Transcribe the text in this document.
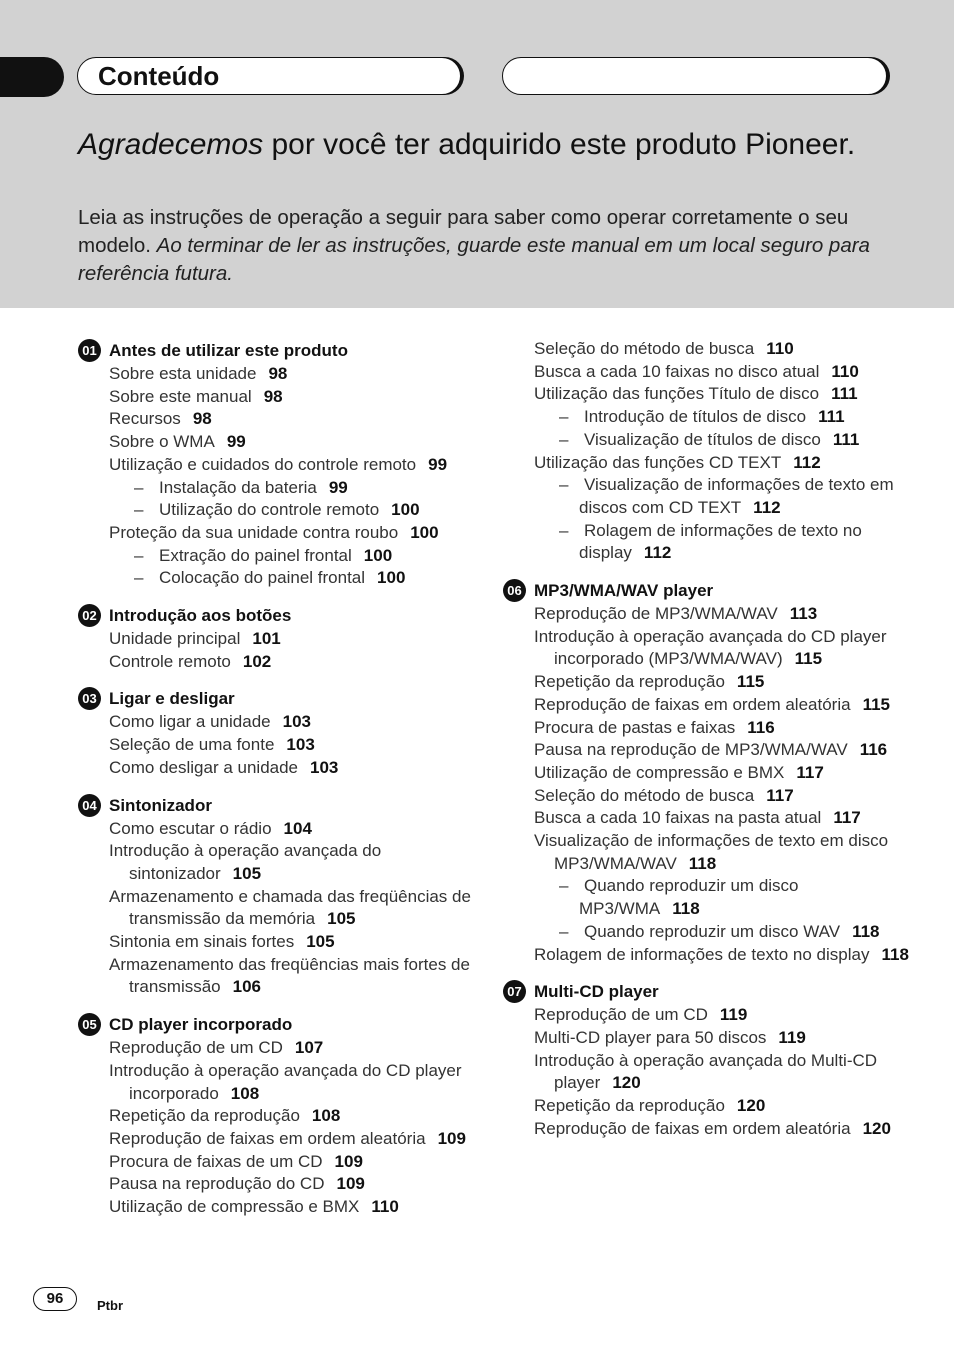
Conteúdo
Agradecemos por você ter adquirido este produto Pioneer.
Leia as instruções de operação a seguir para saber como operar corretamente o seu modelo. Ao terminar de ler as instruções, guarde este manual em um local seguro para referência futura.
01 Antes de utilizar este produto
Sobre esta unidade 98
Sobre este manual 98
Recursos 98
Sobre o WMA 99
Utilização e cuidados do controle remoto 99
– Instalação da bateria 99
– Utilização do controle remoto 100
Proteção da sua unidade contra roubo 100
– Extração do painel frontal 100
– Colocação do painel frontal 100
02 Introdução aos botões
Unidade principal 101
Controle remoto 102
03 Ligar e desligar
Como ligar a unidade 103
Seleção de uma fonte 103
Como desligar a unidade 103
04 Sintonizador
Como escutar o rádio 104
Introdução à operação avançada do sintonizador 105
Armazenamento e chamada das freqüências de transmissão da memória 105
Sintonia em sinais fortes 105
Armazenamento das freqüências mais fortes de transmissão 106
05 CD player incorporado
Reprodução de um CD 107
Introdução à operação avançada do CD player incorporado 108
Repetição da reprodução 108
Reprodução de faixas em ordem aleatória 109
Procura de faixas de um CD 109
Pausa na reprodução do CD 109
Utilização de compressão e BMX 110
Seleção do método de busca 110
Busca a cada 10 faixas no disco atual 110
Utilização das funções Título de disco 111
– Introdução de títulos de disco 111
– Visualização de títulos de disco 111
Utilização das funções CD TEXT 112
– Visualização de informações de texto em discos com CD TEXT 112
– Rolagem de informações de texto no display 112
06 MP3/WMA/WAV player
Reprodução de MP3/WMA/WAV 113
Introdução à operação avançada do CD player incorporado (MP3/WMA/WAV) 115
Repetição da reprodução 115
Reprodução de faixas em ordem aleatória 115
Procura de pastas e faixas 116
Pausa na reprodução de MP3/WMA/WAV 116
Utilização de compressão e BMX 117
Seleção do método de busca 117
Busca a cada 10 faixas na pasta atual 117
Visualização de informações de texto em disco MP3/WMA/WAV 118
– Quando reproduzir um disco MP3/WMA 118
– Quando reproduzir um disco WAV 118
Rolagem de informações de texto no display 118
07 Multi-CD player
Reprodução de um CD 119
Multi-CD player para 50 discos 119
Introdução à operação avançada do Multi-CD player 120
Repetição da reprodução 120
Reprodução de faixas em ordem aleatória 120
96	Ptbr
